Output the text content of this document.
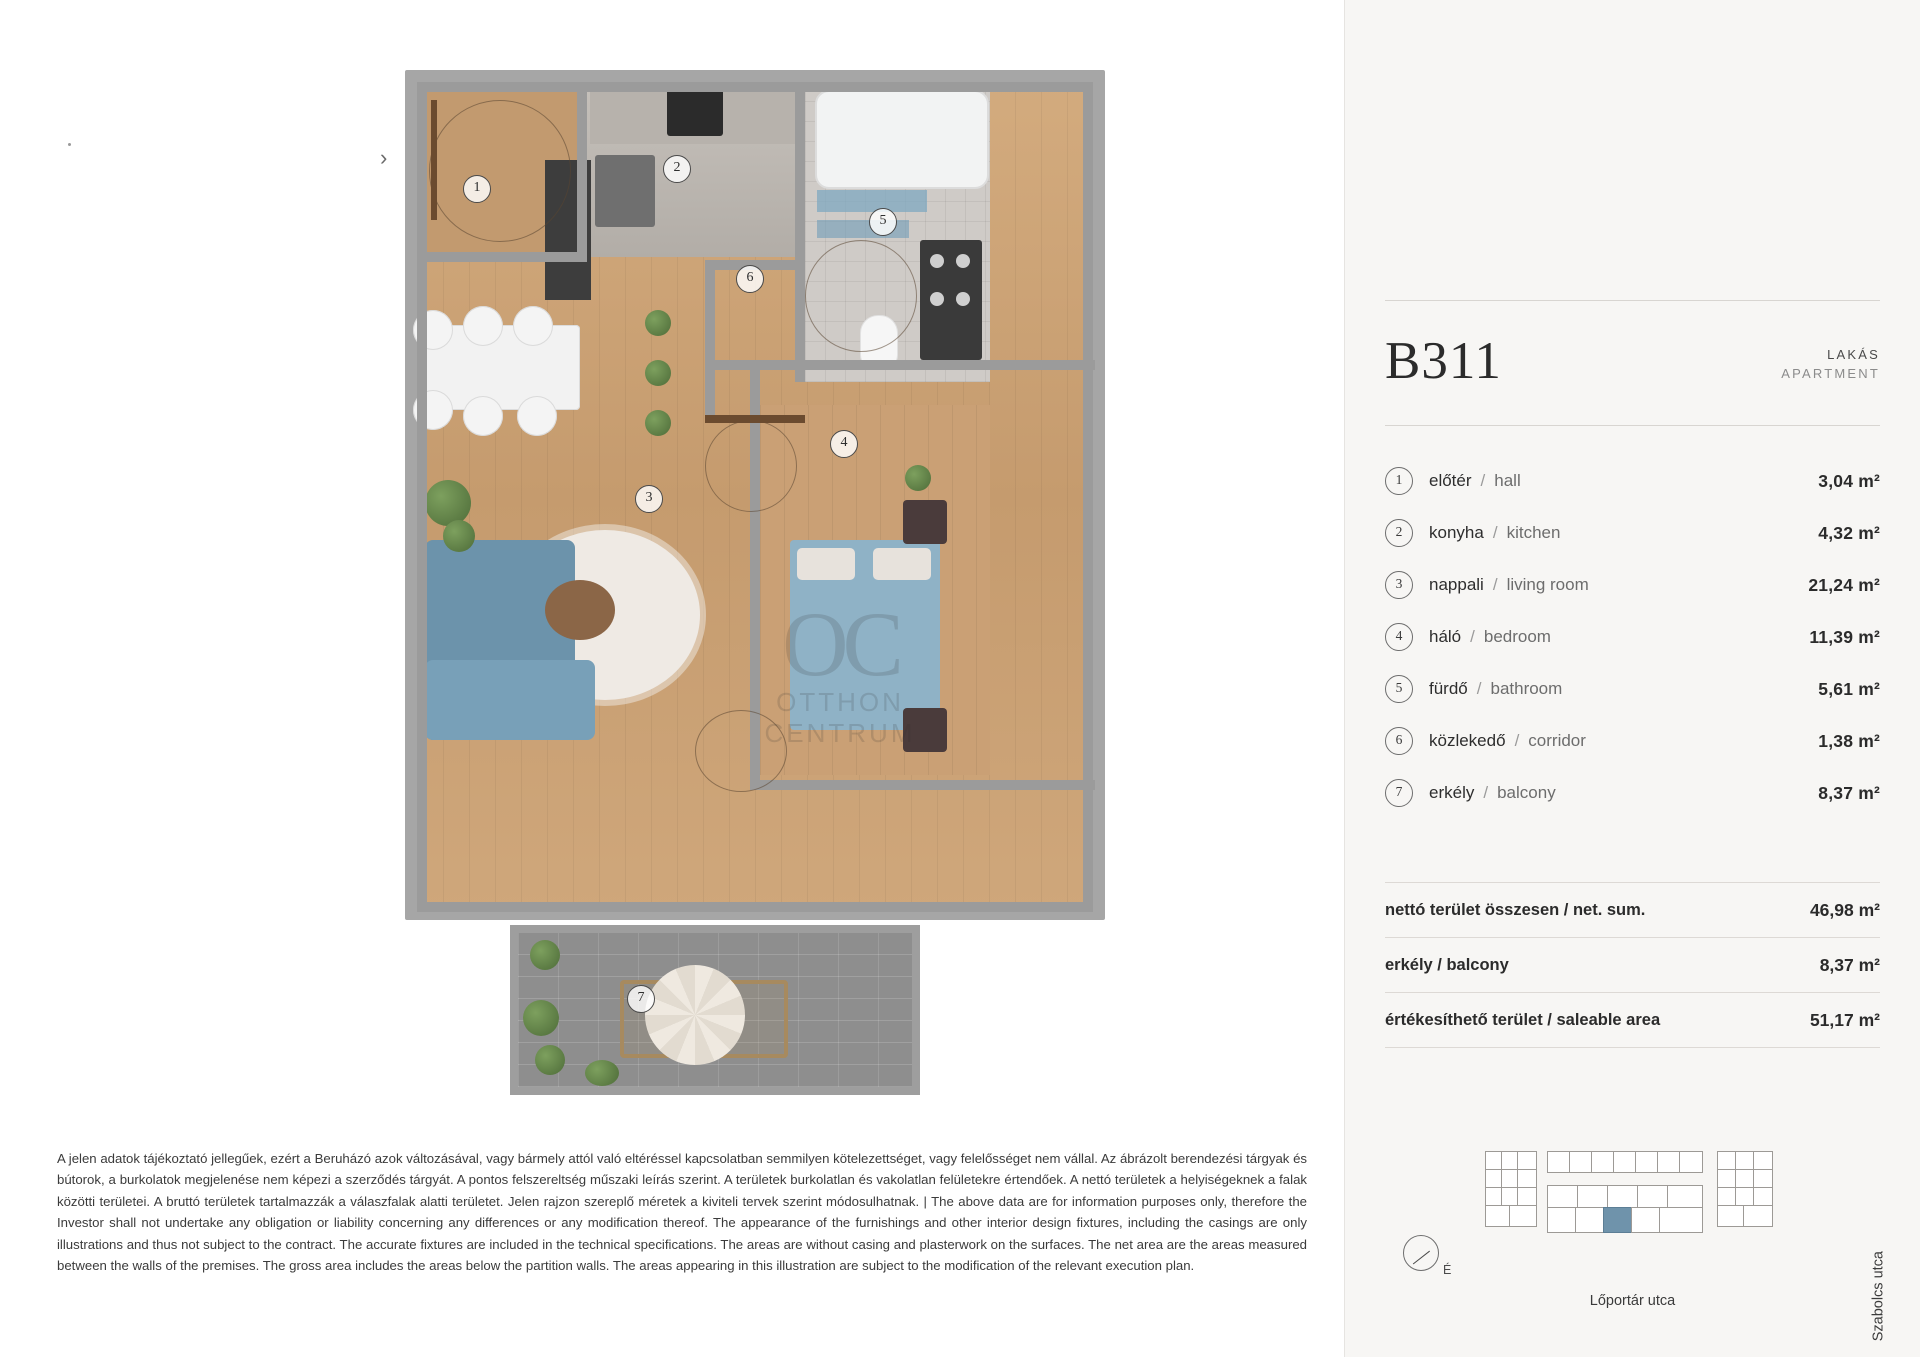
›
1
2
3
4
5
6
7
A jelen adatok tájékoztató jellegűek, ezért a Beruházó azok változásával, vagy bármely attól való eltéréssel kapcsolatban semmilyen kötelezettséget, vagy felelősséget nem vállal. Az ábrázolt berendezési tárgyak és bútorok, a burkolatok megjelenése nem képezi a szerződés tárgyát. A pontos felszereltség műszaki leírás szerint. A területek burkolatlan és vakolatlan felületekre értendőek. A nettó területek a helyiségeknek a falak közötti területei. A bruttó területek tartalmazzák a válaszfalak alatti területet. Jelen rajzon szereplő méretek a kiviteli tervek szerint módosulhatnak. | The above data are for information purposes only, therefore the Investor shall not undertake any obligation or liability concerning any differences or any modification thereof. The appearance of the furnishings and other interior design fixtures, including the casings are only illustrations and thus not subject to the contract. The accurate fixtures are included in the technical specifications. The areas are without casing and plasterwork on the surfaces. The net area are the areas measured between the walls of the premises. The gross area includes the areas below the partition walls. The areas appearing in this illustration are subject to the modification of the relevant execution plan.
B311	LAKÁS
APARTMENT
1	előtér / hall	3,04 m²
2	konyha / kitchen	4,32 m²
3	nappali / living room	21,24 m²
4	háló / bedroom	11,39 m²
5	fürdő / bathroom	5,61 m²
6	közlekedő / corridor	1,38 m²
7	erkély / balcony	8,37 m²
nettó terület összesen / net. sum.	46,98 m²
erkély / balcony	8,37 m²
értékesíthető terület / saleable area	51,17 m²
É	Szabolcs utca
Lőportár utca
